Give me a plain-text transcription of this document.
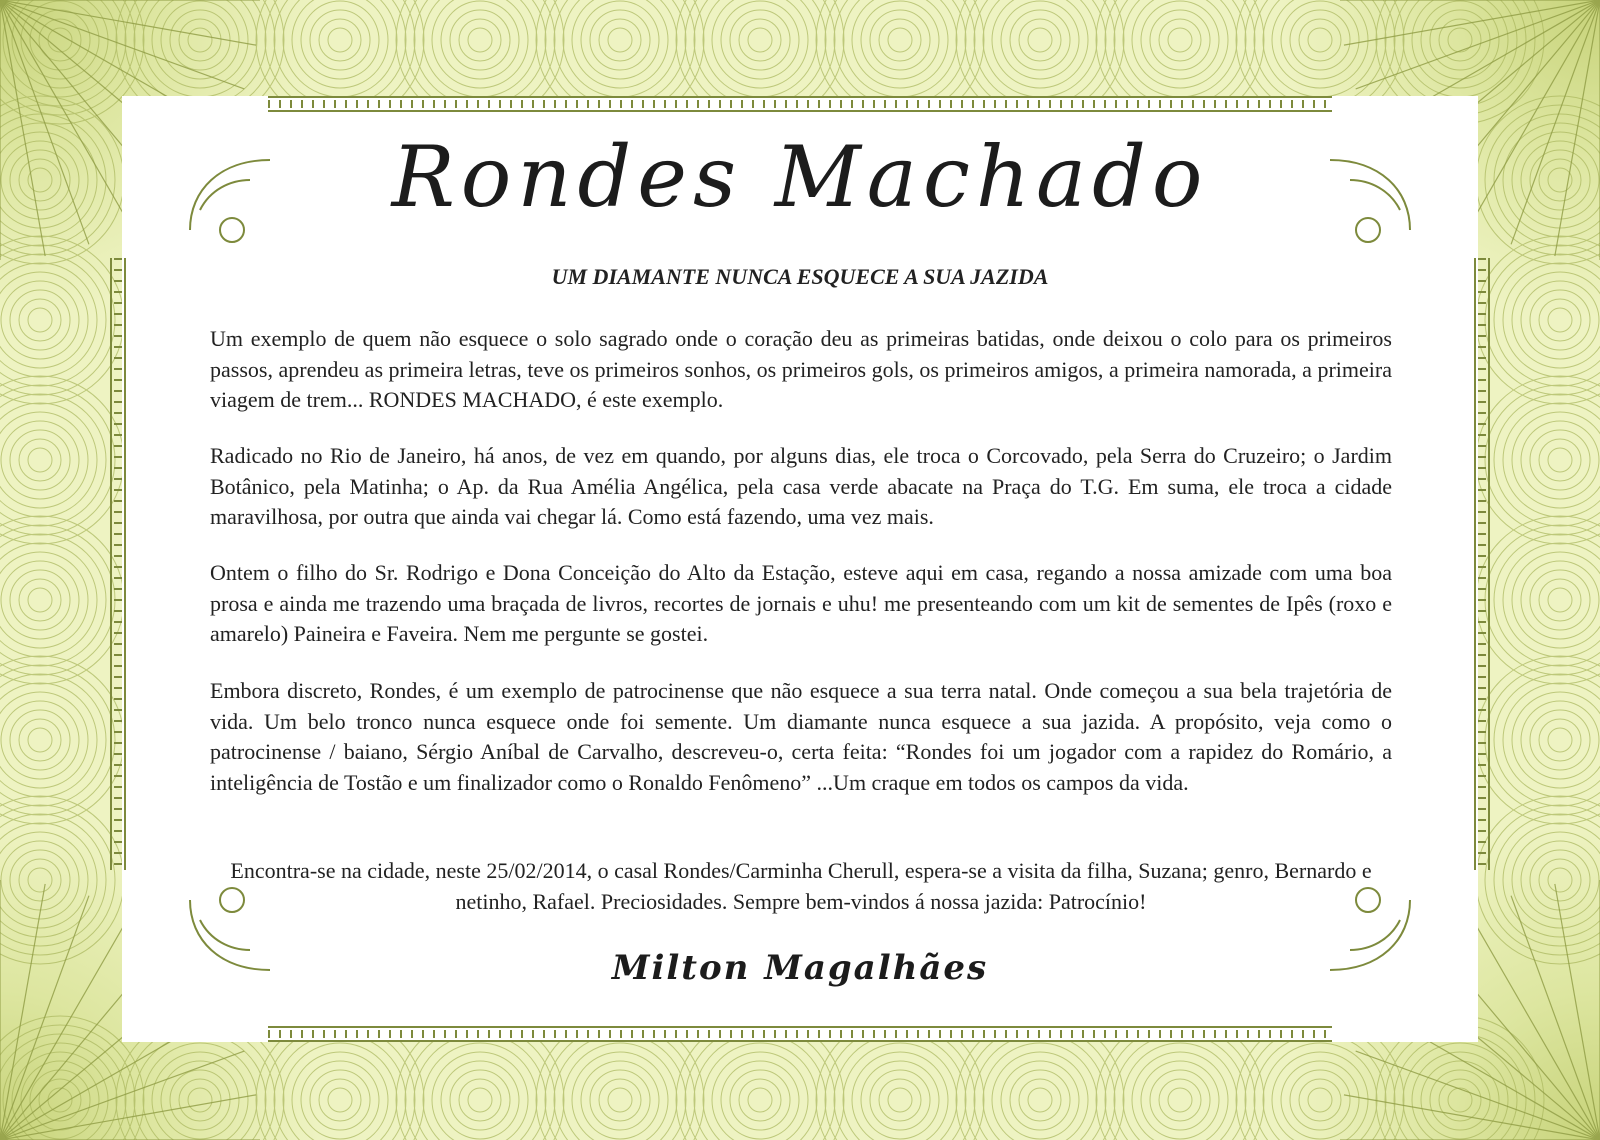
Rondes Machado
UM DIAMANTE NUNCA ESQUECE A SUA JAZIDA

Um exemplo de quem não esquece o solo sagrado onde o coração deu as primeiras batidas, onde deixou o colo para os primeiros passos, aprendeu as primeira letras, teve os primeiros sonhos, os primeiros gols, os primeiros amigos, a primeira namorada, a primeira viagem de trem... RONDES MACHADO, é este exemplo.

Radicado no Rio de Janeiro, há anos, de vez em quando, por alguns dias, ele troca o Corcovado, pela Serra do Cruzeiro; o Jardim Botânico, pela Matinha; o Ap. da Rua Amélia Angélica, pela casa verde abacate na Praça do T.G. Em suma, ele troca a cidade maravilhosa, por outra que ainda vai chegar lá. Como está fazendo, uma vez mais.

Ontem o filho do Sr. Rodrigo e Dona Conceição do Alto da Estação, esteve aqui em casa, regando a nossa amizade com uma boa prosa e ainda me trazendo uma braçada de livros, recortes de jornais e uhu! me presenteando com um kit de sementes de Ipês (roxo e amarelo) Paineira e Faveira. Nem me pergunte se gostei.

Embora discreto, Rondes, é um exemplo de patrocinense que não esquece a sua terra natal. Onde começou a sua bela trajetória de vida. Um belo tronco nunca esquece onde foi semente. Um diamante nunca esquece a sua jazida. A propósito, veja como o patrocinense / baiano, Sérgio Aníbal de Carvalho, descreveu-o, certa feita: “Rondes foi um jogador com a rapidez do Romário, a inteligência de Tostão e um finalizador como o Ronaldo Fenômeno” ...Um craque em todos os campos da vida.

Encontra-se na cidade, neste 25/02/2014, o casal Rondes/Carminha Cherull, espera-se a visita da filha, Suzana; genro, Bernardo e netinho, Rafael. Preciosidades. Sempre bem-vindos á nossa jazida: Patrocínio!

Milton Magalhães
